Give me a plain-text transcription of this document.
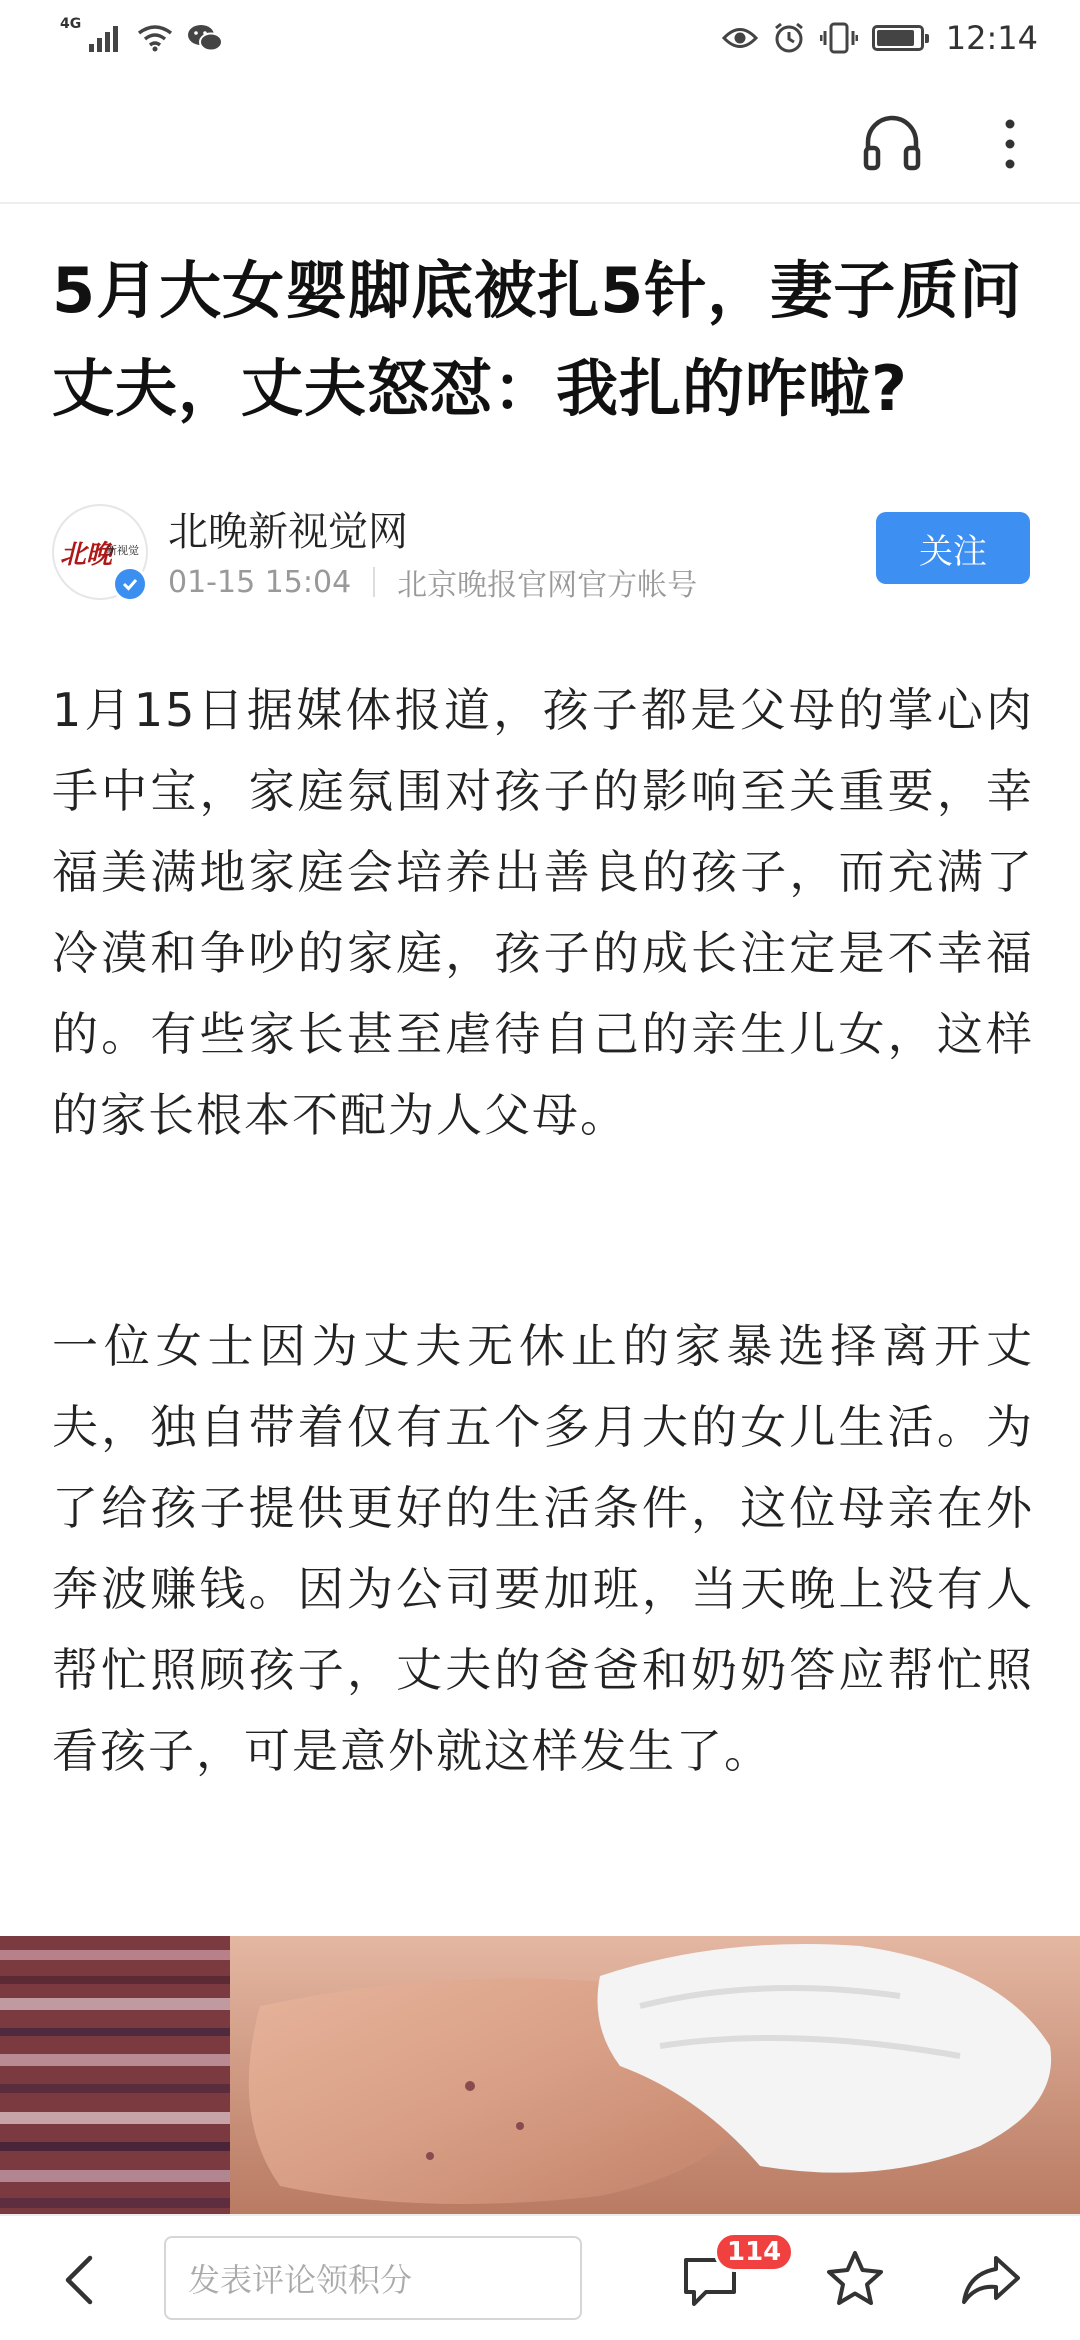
4G	12:14
5月大女婴脚底被扎5针，妻子质问丈夫，丈夫怒怼：我扎的咋啦?
北晚
新视觉 北晚新视觉网
01-15 15:04 北京晚报官网官方帐号
关注

1月15日据媒体报道，孩子都是父母的掌心肉手中宝，家庭氛围对孩子的影响至关重要，幸福美满地家庭会培养出善良的孩子，而充满了冷漠和争吵的家庭，孩子的成长注定是不幸福的。有些家长甚至虐待自己的亲生儿女，这样的家长根本不配为人父母。

一位女士因为丈夫无休止的家暴选择离开丈夫，独自带着仅有五个多月大的女儿生活。为了给孩子提供更好的生活条件，这位母亲在外奔波赚钱。因为公司要加班，当天晚上没有人帮忙照顾孩子，丈夫的爸爸和奶奶答应帮忙照看孩子，可是意外就这样发生了。

发表评论领积分
114
